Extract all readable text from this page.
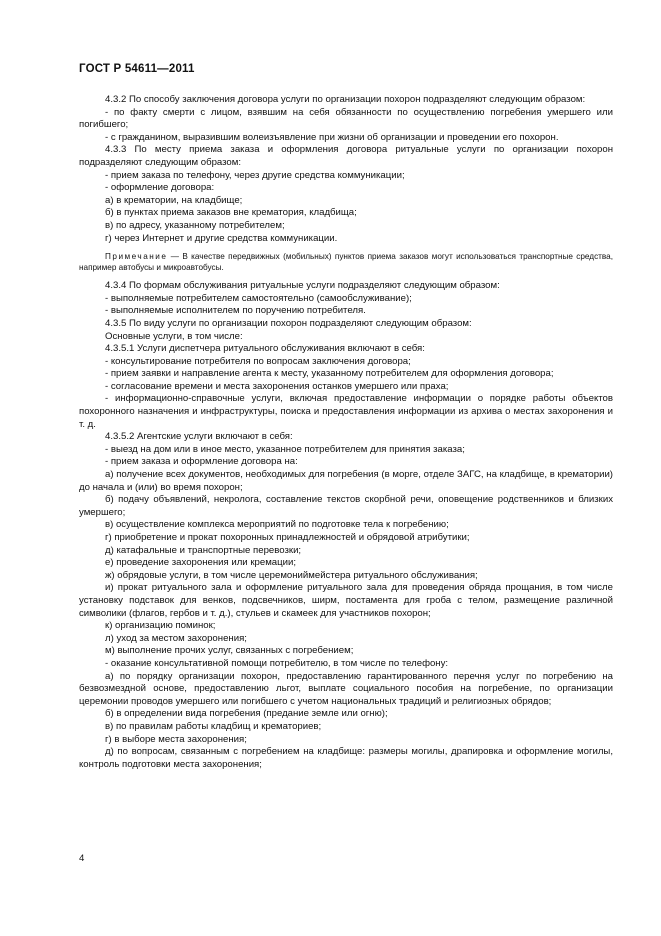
ГОСТ Р 54611—2011

4.3.2 По способу заключения договора услуги по организации похорон подразделяют следующим образом:

- по факту смерти с лицом, взявшим на себя обязанности по осуществлению погребения умершего или погибшего;

- с гражданином, выразившим волеизъявление при жизни об организации и проведении его похорон.

4.3.3 По месту приема заказа и оформления договора ритуальные услуги по организации похорон подразделяют следующим образом:

- прием заказа по телефону, через другие средства коммуникации;

- оформление договора:

а) в крематории, на кладбище;

б) в пунктах приема заказов вне крематория, кладбища;

в) по адресу, указанному потребителем;

г) через Интернет и другие средства коммуникации.

Примечание — В качестве передвижных (мобильных) пунктов приема заказов могут использоваться транспортные средства, например автобусы и микроавтобусы.

4.3.4 По формам обслуживания ритуальные услуги подразделяют следующим образом:

- выполняемые потребителем самостоятельно (самообслуживание);

- выполняемые исполнителем по поручению потребителя.

4.3.5 По виду услуги по организации похорон подразделяют следующим образом:

Основные услуги, в том числе:

4.3.5.1 Услуги диспетчера ритуального обслуживания включают в себя:

- консультирование потребителя по вопросам заключения договора;

- прием заявки и направление агента к месту, указанному потребителем для оформления договора;

- согласование времени и места захоронения останков умершего или праха;

- информационно-справочные услуги, включая предоставление информации о порядке работы объектов похоронного назначения и инфраструктуры, поиска и предоставления информации из архива о местах захоронения и т. д.

4.3.5.2 Агентские услуги включают в себя:

- выезд на дом или в иное место, указанное потребителем для принятия заказа;

- прием заказа и оформление договора на:

а) получение всех документов, необходимых для погребения (в морге, отделе ЗАГС, на кладбище, в крематории) до начала и (или) во время похорон;

б) подачу объявлений, некролога, составление текстов скорбной речи, оповещение родственников и близких умершего;

в) осуществление комплекса мероприятий по подготовке тела к погребению;

г) приобретение и прокат похоронных принадлежностей и обрядовой атрибутики;

д) катафальные и транспортные перевозки;

е) проведение захоронения или кремации;

ж) обрядовые услуги, в том числе церемониймейстера ритуального обслуживания;

и) прокат ритуального зала и оформление ритуального зала для проведения обряда прощания, в том числе установку подставок для венков, подсвечников, ширм, постамента для гроба с телом, размещение различной символики (флагов, гербов и т. д.), стульев и скамеек для участников похорон;

к) организацию поминок;

л) уход за местом захоронения;

м) выполнение прочих услуг, связанных с погребением;

- оказание консультативной помощи потребителю, в том числе по телефону:

а) по порядку организации похорон, предоставлению гарантированного перечня услуг по погребению на безвозмездной основе, предоставлению льгот, выплате социального пособия на погребение, по организации церемонии проводов умершего или погибшего с учетом национальных традиций и религиозных обрядов;

б) в определении вида погребения (предание земле или огню);

в) по правилам работы кладбищ и крематориев;

г) в выборе места захоронения;

д) по вопросам, связанным с погребением на кладбище: размеры могилы, драпировка и оформление могилы, контроль подготовки места захоронения;

4
